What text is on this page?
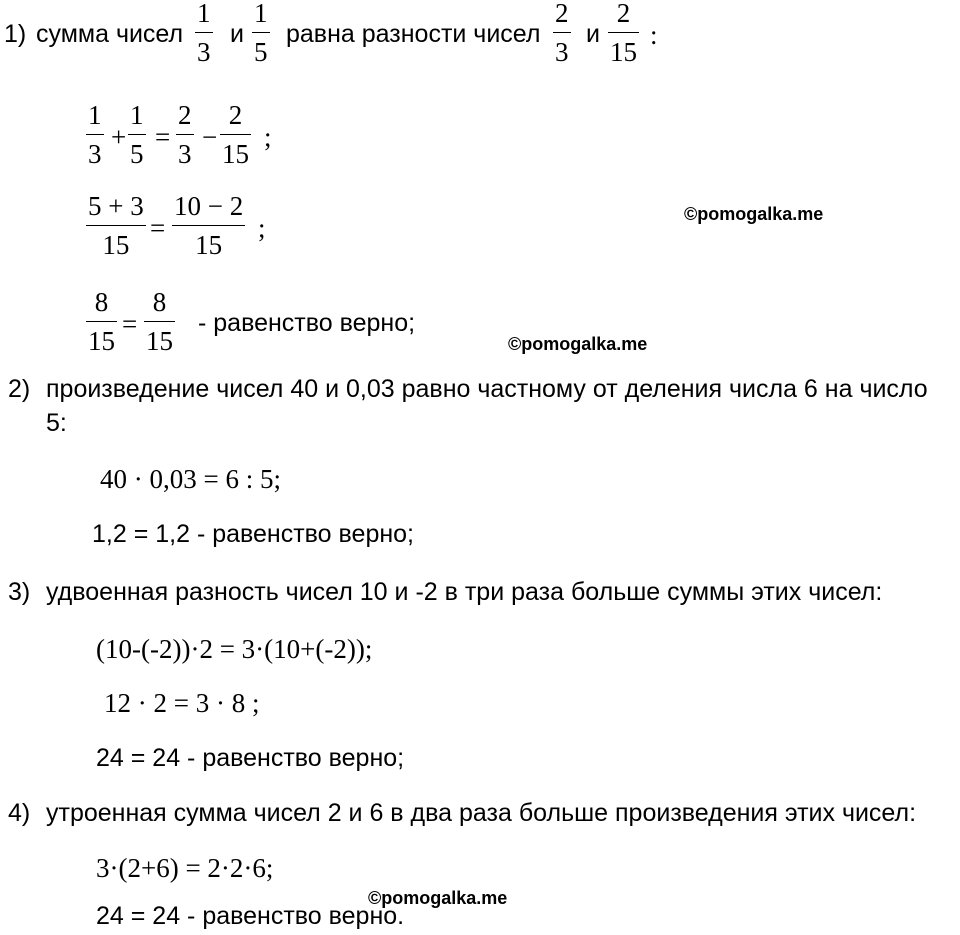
1) сумма чисел
1
3
и
1
5
равна разности чисел
2
3
и
2
15
:
1
3
+
1
5
=
2
3
−
2
15
;
5 + 3
15
=
10 − 2
15
;	©pomogalka.me
8
15
=
8
15
- равенство верно;
©pomogalka.me
2) произведение чисел 40 и 0,03 равно частному от деления числа 6 на число
5:
40 · 0,03 = 6 : 5;
1,2 = 1,2 - равенство верно;
3) удвоенная разность чисел 10 и -2 в три раза больше суммы этих чисел:
(10-(-2))·2 = 3·(10+(-2));
12 · 2 = 3 · 8 ;
24 = 24 - равенство верно;
4) утроенная сумма чисел 2 и 6 в два раза больше произведения этих чисел:
3·(2+6) = 2·2·6;
©pomogalka.me
24 = 24 - равенство верно.
